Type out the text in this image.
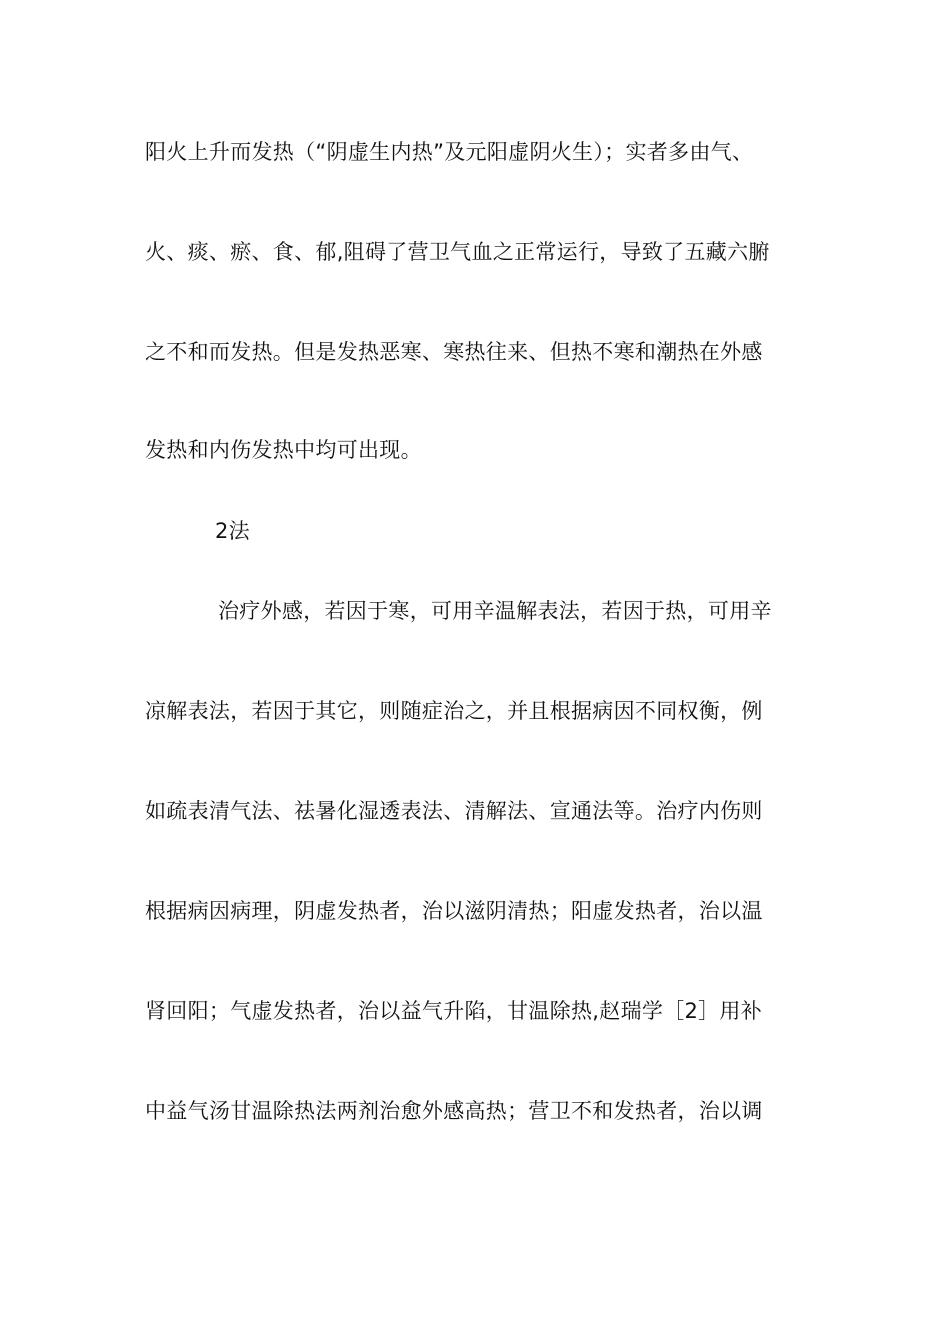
阳火上升而发热（“阴虚生内热”及元阳虚阴火生）；实者多由气、
火、痰、瘀、食、郁,阻碍了营卫气血之正常运行，导致了五藏六腑
之不和而发热。但是发热恶寒、寒热往来、但热不寒和潮热在外感
发热和内伤发热中均可出现。
2法
治疗外感，若因于寒，可用辛温解表法，若因于热，可用辛
凉解表法，若因于其它，则随症治之，并且根据病因不同权衡，例
如疏表清气法、祛暑化湿透表法、清解法、宣通法等。治疗内伤则
根据病因病理，阴虚发热者，治以滋阴清热；阳虚发热者，治以温
肾回阳；气虚发热者，治以益气升陷，甘温除热,赵瑞学［2］用补
中益气汤甘温除热法两剂治愈外感高热；营卫不和发热者，治以调
